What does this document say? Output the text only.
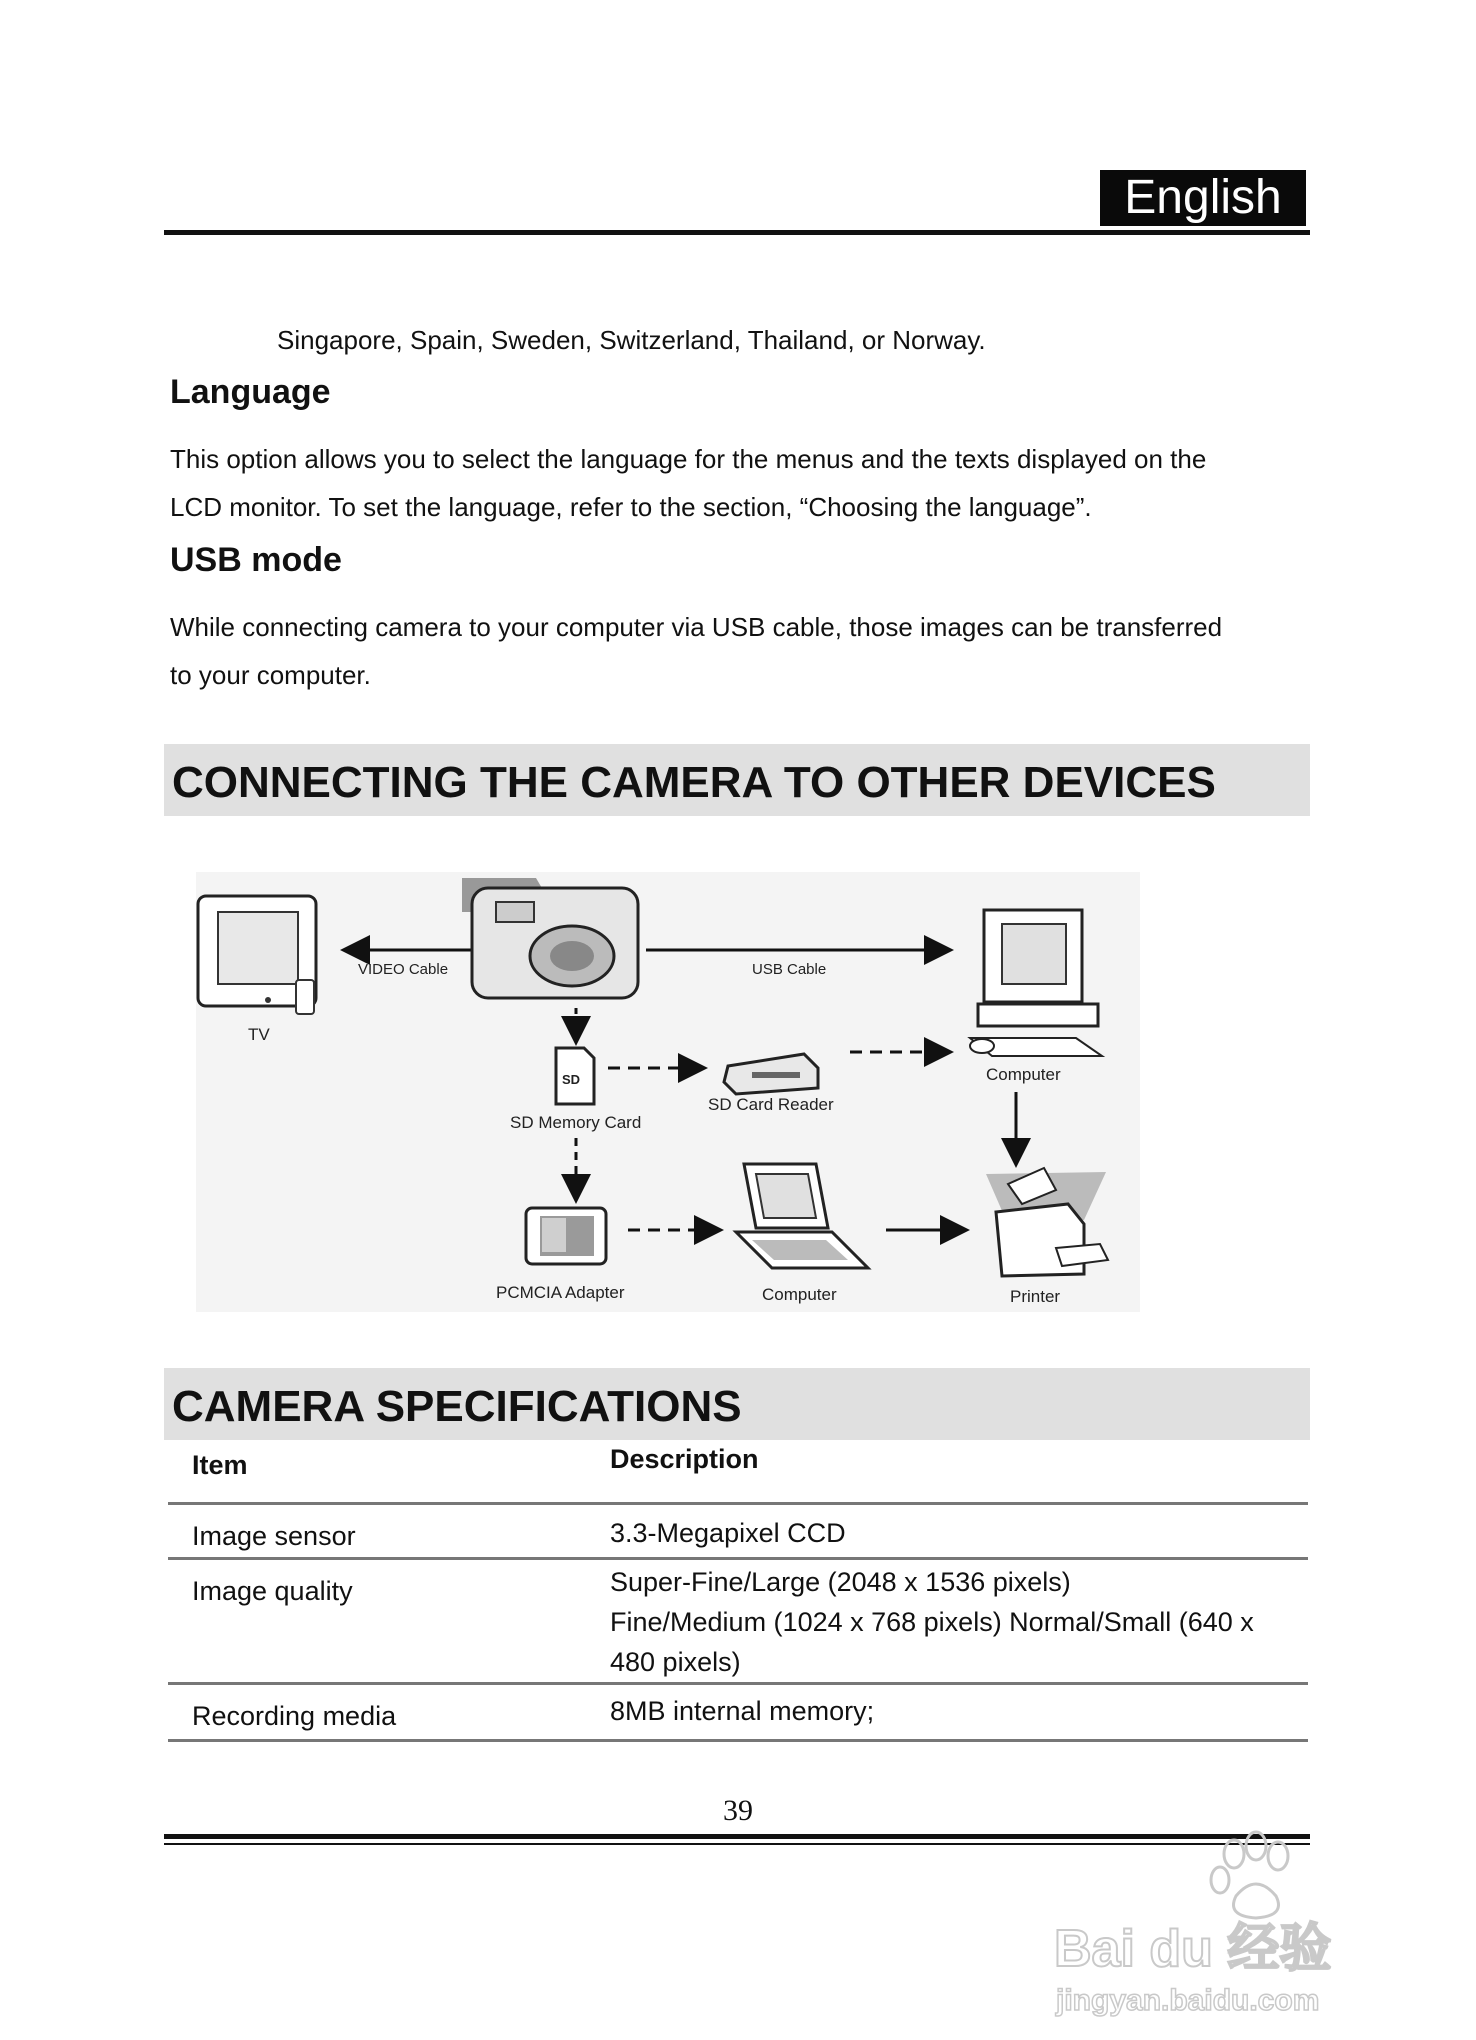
English
Singapore, Spain, Sweden, Switzerland, Thailand, or Norway.
Language
This option allows you to select the language for the menus and the texts displayed on the
LCD monitor. To set the language, refer to the section, “Choosing the language”.
USB mode
While connecting camera to your computer via USB cable, those images can be transferred
to your computer.
CONNECTING THE CAMERA TO OTHER DEVICES
TV
VIDEO Cable	USB Cable
Computer
SD
SD Memory Card
SD Card Reader
PCMCIA Adapter	Computer	Printer
CAMERA SPECIFICATIONS
Item	Description
Image sensor	3.3-Megapixel CCD

Image quality	Super-Fine/Large (2048 x 1536 pixels)
Fine/Medium (1024 x 768 pixels) Normal/Small (640 x
480 pixels)

Recording media	8MB internal memory;
39
Bai du 经验
jingyan.baidu.com
